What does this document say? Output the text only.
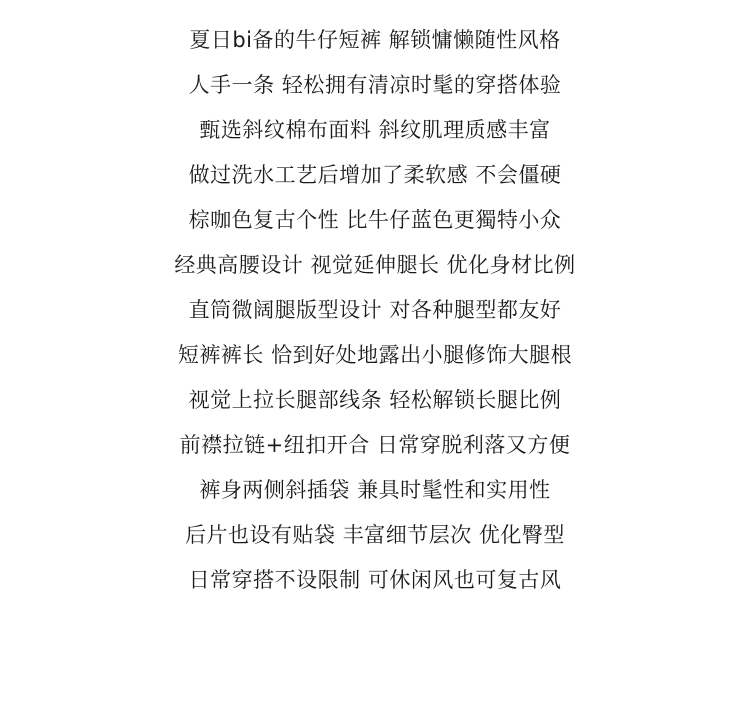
夏日bi备的牛仔短裤 解锁慵懒随性风格
人手一条 轻松拥有清凉时髦的穿搭体验
甄选斜纹棉布面料 斜纹肌理质感丰富
做过洗水工艺后增加了柔软感 不会僵硬
棕咖色复古个性 比牛仔蓝色更獨特小众
经典高腰设计 视觉延伸腿长 优化身材比例
直筒微阔腿版型设计 对各种腿型都友好
短裤裤长 恰到好处地露出小腿修饰大腿根
视觉上拉长腿部线条 轻松解锁长腿比例
前襟拉链+纽扣开合 日常穿脱利落又方便
裤身两侧斜插袋 兼具时髦性和实用性
后片也设有贴袋 丰富细节层次 优化臀型
日常穿搭不设限制 可休闲风也可复古风
